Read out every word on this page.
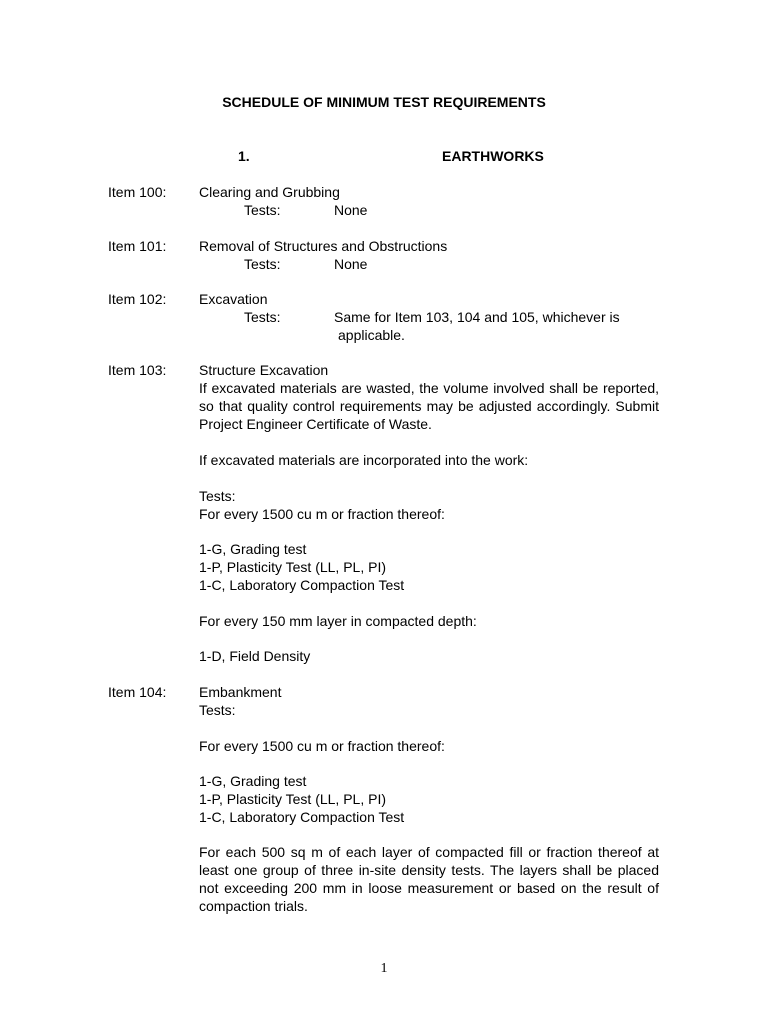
SCHEDULE OF MINIMUM TEST REQUIREMENTS
1.	EARTHWORKS
Item 100: Clearing and Grubbing
Tests:	None
Item 101: Removal of Structures and Obstructions
Tests:	None
Item 102: Excavation
Tests:	Same for Item 103, 104 and 105, whichever is
applicable.
Item 103: Structure Excavation

If excavated materials are wasted, the volume involved shall be reported, so that quality control requirements may be adjusted accordingly. Submit Project Engineer Certificate of Waste.

If excavated materials are incorporated into the work:
Tests:
For every 1500 cu m or fraction thereof:
1-G, Grading test
1-P, Plasticity Test (LL, PL, PI)
1-C, Laboratory Compaction Test
For every 150 mm layer in compacted depth:
1-D, Field Density
Item 104: Embankment
Tests:
For every 1500 cu m or fraction thereof:
1-G, Grading test
1-P, Plasticity Test (LL, PL, PI)
1-C, Laboratory Compaction Test

For each 500 sq m of each layer of compacted fill or fraction thereof at least one group of three in-site density tests. The layers shall be placed not exceeding 200 mm in loose measurement or based on the result of compaction trials.

1
